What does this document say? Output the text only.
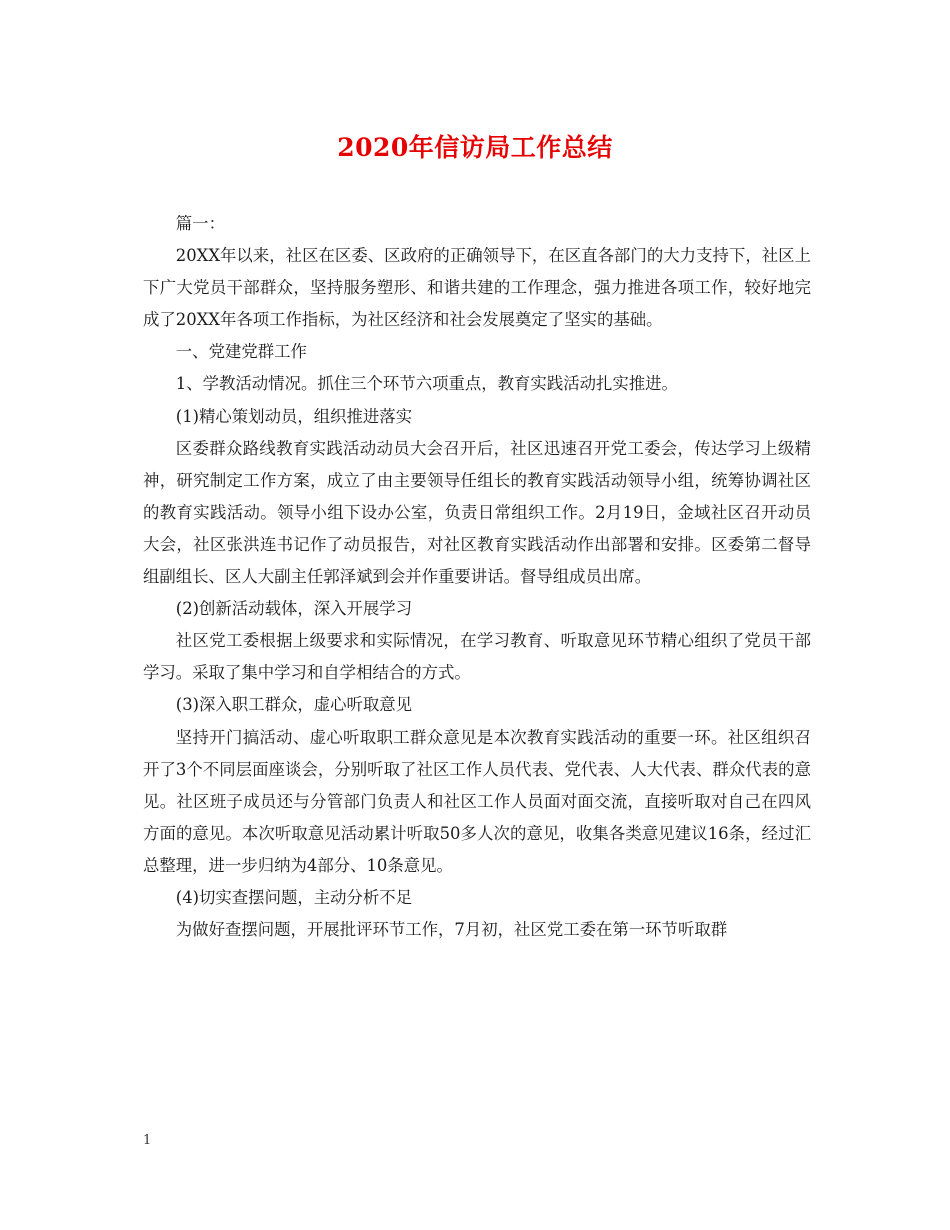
2020年信访局工作总结

篇一：

20XX年以来，社区在区委、区政府的正确领导下，在区直各部门的大力支持下，社区上下广大党员干部群众，坚持服务塑形、和谐共建的工作理念，强力推进各项工作，较好地完成了20XX年各项工作指标，为社区经济和社会发展奠定了坚实的基础。

一、党建党群工作

1、学教活动情况。抓住三个环节六项重点，教育实践活动扎实推进。

(1)精心策划动员，组织推进落实

区委群众路线教育实践活动动员大会召开后，社区迅速召开党工委会，传达学习上级精神，研究制定工作方案，成立了由主要领导任组长的教育实践活动领导小组，统筹协调社区的教育实践活动。领导小组下设办公室，负责日常组织工作。2月19日，金域社区召开动员大会，社区张洪连书记作了动员报告，对社区教育实践活动作出部署和安排。区委第二督导组副组长、区人大副主任郭泽斌到会并作重要讲话。督导组成员出席。

(2)创新活动载体，深入开展学习

社区党工委根据上级要求和实际情况，在学习教育、听取意见环节精心组织了党员干部学习。采取了集中学习和自学相结合的方式。

(3)深入职工群众，虚心听取意见

坚持开门搞活动、虚心听取职工群众意见是本次教育实践活动的重要一环。社区组织召开了3个不同层面座谈会，分别听取了社区工作人员代表、党代表、人大代表、群众代表的意见。社区班子成员还与分管部门负责人和社区工作人员面对面交流，直接听取对自己在四风方面的意见。本次听取意见活动累计听取50多人次的意见，收集各类意见建议16条，经过汇总整理，进一步归纳为4部分、10条意见。

(4)切实查摆问题，主动分析不足

为做好查摆问题，开展批评环节工作，7月初，社区党工委在第一环节听取群

1
